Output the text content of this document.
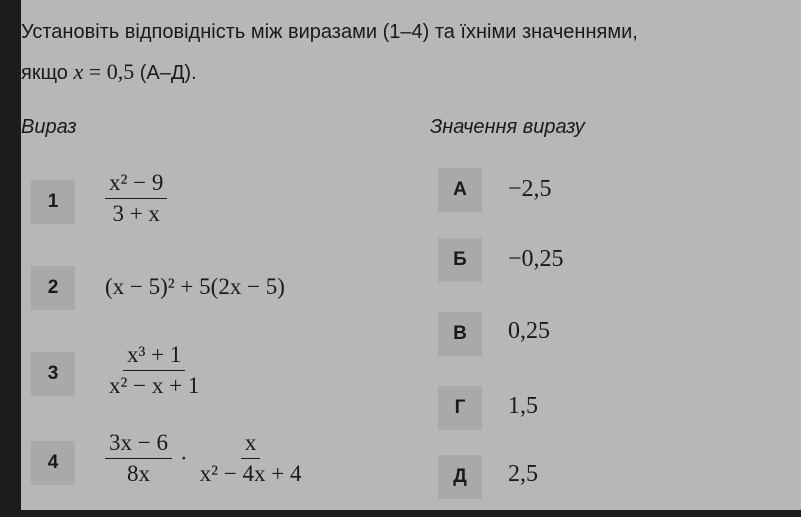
Установіть відповідність між виразами (1–4) та їхніми значеннями,
якщо x = 0,5 (А–Д).
Вираз	Значення виразу
1	$\frac{\text{x² − 9}}{3 + x}$
2	(x − 5)² + 5(2x − 5)
3	$\frac{\text{x³ + 1}}{\text{x² − x + 1}}$
4	$\frac{3x - 6}{8x} \cdot \frac{x}{\text{x² − 4x + 4}}$
А	−2,5
Б	−0,25
В	0,25
Г	1,5
Д	2,5
